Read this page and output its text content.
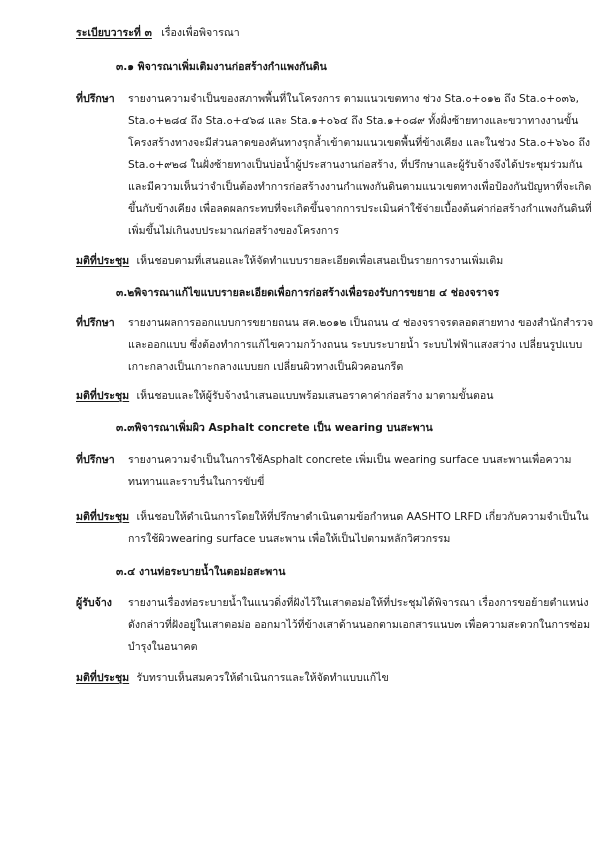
ระเบียบวาระที่ ๓ เรื่องเพื่อพิจารณา
๓.๑ พิจารณาเพิ่มเติมงานก่อสร้างกำแพงกันดิน
ที่ปรึกษา รายงานความจำเป็นของสภาพพื้นที่ในโครงการ ตามแนวเขตทาง ช่วง Sta.๐+๐๑๒ ถึง Sta.๐+๐๓๖,
Sta.๐+๒๘๔ ถึง Sta.๐+๔๖๘ และ Sta.๑+๐๖๔ ถึง Sta.๑+๐๘๙ ทั้งฝั่งซ้ายทางและขวาทางงานขั้น
โครงสร้างทางจะมีส่วนลาดของคันทางรุกล้ำเข้าตามแนวเขตพื้นที่ข้างเคียง และในช่วง Sta.๐+๖๖๐ ถึง
Sta.๐+๙๒๘ ในฝั่งซ้ายทางเป็นบ่อน้ำผู้ประสานงานก่อสร้าง, ที่ปรึกษาและผู้รับจ้างจึงได้ประชุมร่วมกัน
และมีความเห็นว่าจำเป็นต้องทำการก่อสร้างงานกำแพงกันดินตามแนวเขตทางเพื่อป้องกันปัญหาที่จะเกิด
ขึ้นกับข้างเคียง เพื่อลดผลกระทบที่จะเกิดขึ้นจากการประเมินค่าใช้จ่ายเบื้องต้นค่าก่อสร้างกำแพงกันดินที่
เพิ่มขึ้นไม่เกินงบประมาณก่อสร้างของโครงการ
มติที่ประชุม เห็นชอบตามที่เสนอและให้จัดทำแบบรายละเอียดเพื่อเสนอเป็นรายการงานเพิ่มเติม
๓.๒พิจารณาแก้ไขแบบรายละเอียดเพื่อการก่อสร้างเพื่อรองรับการขยาย ๔ ช่องจราจร
ที่ปรึกษา รายงานผลการออกแบบการขยายถนน สค.๒๐๑๒ เป็นถนน ๔ ช่องจราจรตลอดสายทาง ของสำนักสำรวจ
และออกแบบ ซึ่งต้องทำการแก้ไขความกว้างถนน ระบบระบายน้ำ ระบบไฟฟ้าแสงสว่าง เปลี่ยนรูปแบบ
เกาะกลางเป็นเกาะกลางแบบยก เปลี่ยนผิวทางเป็นผิวคอนกรีต
มติที่ประชุม เห็นชอบและให้ผู้รับจ้างนำเสนอแบบพร้อมเสนอราคาค่าก่อสร้าง มาตามขั้นตอน
๓.๓พิจารณาเพิ่มผิว Asphalt concrete เป็น wearing บนสะพาน
ที่ปรึกษา รายงานความจำเป็นในการใช้Asphalt concrete เพิ่มเป็น wearing surface บนสะพานเพื่อความ
ทนทานและราบรื่นในการขับขี่
มติที่ประชุม เห็นชอบให้ดำเนินการโดยให้ที่ปรึกษาดำเนินตามข้อกำหนด AASHTO LRFD เกี่ยวกับความจำเป็นใน
การใช้ผิวwearing surface บนสะพาน เพื่อให้เป็นไปตามหลักวิศวกรรม
๓.๔ งานท่อระบายน้ำในตอม่อสะพาน
ผู้รับจ้าง รายงานเรื่องท่อระบายน้ำในแนวดิ่งที่ฝังไว้ในเสาตอม่อให้ที่ประชุมได้พิจารณา เรื่องการขอย้ายตำแหน่ง
ดังกล่าวที่ฝังอยู่ในเสาตอม่อ ออกมาไว้ที่ข้างเสาด้านนอกตามเอกสารแนบ๓ เพื่อความสะดวกในการซ่อม
บำรุงในอนาคต
มติที่ประชุม รับทราบเห็นสมควรให้ดำเนินการและให้จัดทำแบบแก้ไข
